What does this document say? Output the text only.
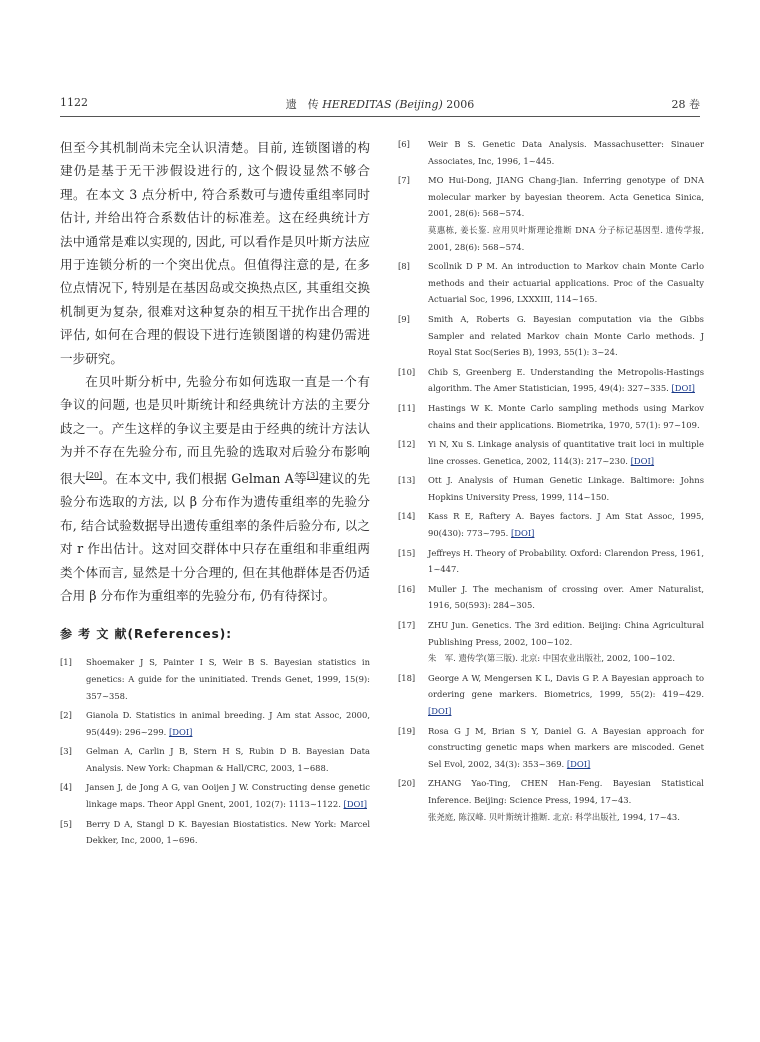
1122	遗　传 HEREDITAS (Beijing) 2006	28 卷

但至今其机制尚未完全认识清楚。目前, 连锁图谱的构建仍是基于无干涉假设进行的, 这个假设显然不够合理。在本文 3 点分析中, 符合系数可与遗传重组率同时估计, 并给出符合系数估计的标准差。这在经典统计方法中通常是难以实现的, 因此, 可以看作是贝叶斯方法应用于连锁分析的一个突出优点。但值得注意的是, 在多位点情况下, 特别是在基因岛或交换热点区, 其重组交换机制更为复杂, 很难对这种复杂的相互干扰作出合理的评估, 如何在合理的假设下进行连锁图谱的构建仍需进一步研究。

在贝叶斯分析中, 先验分布如何选取一直是一个有争议的问题, 也是贝叶斯统计和经典统计方法的主要分歧之一。产生这样的争议主要是由于经典的统计方法认为并不存在先验分布, 而且先验的选取对后验分布影响很大[20]。在本文中, 我们根据 Gelman A等[3]建议的先验分布选取的方法, 以 β 分布作为遗传重组率的先验分布, 结合试验数据导出遗传重组率的条件后验分布, 以之对 r 作出估计。这对回交群体中只存在重组和非重组两类个体而言, 显然是十分合理的, 但在其他群体是否仍适合用 β 分布作为重组率的先验分布, 仍有待探讨。

参 考 文 献(References):
[1]	Shoemaker J S, Painter I S, Weir B S. Bayesian statistics in genetics: A guide for the uninitiated. Trends Genet, 1999, 15(9): 357~358.
[2]	Gianola D. Statistics in animal breeding. J Am stat Assoc, 2000, 95(449): 296~299. [DOI]
[3]	Gelman A, Carlin J B, Stern H S, Rubin D B. Bayesian Data Analysis. New York: Chapman & Hall/CRC, 2003, 1~688.
[4]	Jansen J, de Jong A G, van Ooijen J W. Constructing dense genetic linkage maps. Theor Appl Gnent, 2001, 102(7): 1113~1122. [DOI]
[5]	Berry D A, Stangl D K. Bayesian Biostatistics. New York: Marcel Dekker, Inc, 2000, 1~696.
[6]	Weir B S. Genetic Data Analysis. Massachusetter: Sinauer Associates, Inc, 1996, 1~445.
[7]	MO Hui-Dong, JIANG Chang-Jian. Inferring genotype of DNA molecular marker by bayesian theorem. Acta Genetica Sinica, 2001, 28(6): 568~574.
莫惠栋, 姜长鉴. 应用贝叶斯理论推断 DNA 分子标记基因型. 遗传学报, 2001, 28(6): 568~574.
[8]	Scollnik D P M. An introduction to Markov chain Monte Carlo methods and their actuarial applications. Proc of the Casualty Actuarial Soc, 1996, LXXXIII, 114~165.
[9]	Smith A, Roberts G. Bayesian computation via the Gibbs Sampler and related Markov chain Monte Carlo methods. J Royal Stat Soc(Series B), 1993, 55(1): 3~24.
[10]	Chib S, Greenberg E. Understanding the Metropolis-Hastings algorithm. The Amer Statistician, 1995, 49(4): 327~335. [DOI]
[11]	Hastings W K. Monte Carlo sampling methods using Markov chains and their applications. Biometrika, 1970, 57(1): 97~109.
[12]	Yi N, Xu S. Linkage analysis of quantitative trait loci in multiple line crosses. Genetica, 2002, 114(3): 217~230. [DOI]
[13]	Ott J. Analysis of Human Genetic Linkage. Baltimore: Johns Hopkins University Press, 1999, 114~150.
[14]	Kass R E, Raftery A. Bayes factors. J Am Stat Assoc, 1995, 90(430): 773~795. [DOI]
[15]	Jeffreys H. Theory of Probability. Oxford: Clarendon Press, 1961, 1~447.
[16]	Muller J. The mechanism of crossing over. Amer Naturalist, 1916, 50(593): 284~305.
[17]	ZHU Jun. Genetics. The 3rd edition. Beijing: China Agricultural Publishing Press, 2002, 100~102.
朱　军. 遗传学(第三版). 北京: 中国农业出版社, 2002, 100~102.
[18]	George A W, Mengersen K L, Davis G P. A Bayesian approach to ordering gene markers. Biometrics, 1999, 55(2): 419~429. [DOI]
[19]	Rosa G J M, Brian S Y, Daniel G. A Bayesian approach for constructing genetic maps when markers are miscoded. Genet Sel Evol, 2002, 34(3): 353~369. [DOI]
[20]	ZHANG Yao-Ting, CHEN Han-Feng. Bayesian Statistical Inference. Beijing: Science Press, 1994, 17~43.
张尧庭, 陈汉峰. 贝叶斯统计推断. 北京: 科学出版社, 1994, 17~43.
